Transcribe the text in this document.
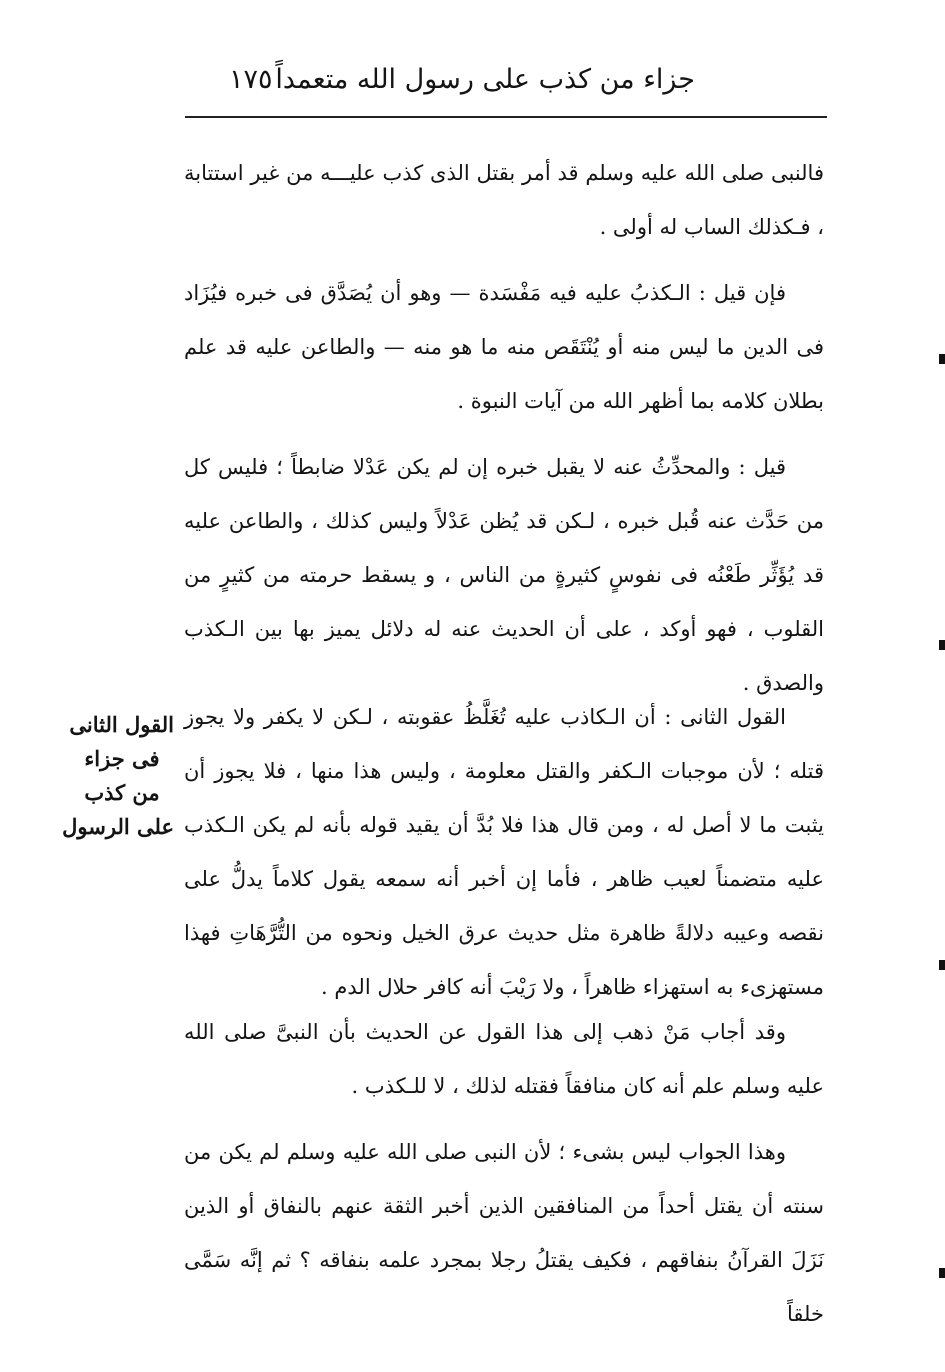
جزاء من كذب على رسول الله متعمداً
١٧٥

فالنبى صلى الله عليه وسلم قد أمر بقتل الذى كذب عليـــه من غير استتابة ، فـكذلك الساب له أولى .

فإن قيل : الـكذبُ عليه فيه مَفْسَدة — وهو أن يُصَدَّق فى خبره فيُزَاد فى الدين ما ليس منه أو يُنْتَقَص منه ما هو منه — والطاعن عليه قد علم بطلان كلامه بما أظهر الله من آيات النبوة .

قيل : والمحدِّثُ عنه لا يقبل خبره إن لم يكن عَدْلا ضابطاً ؛ فليس كل من حَدَّث عنه قُبل خبره ، لـكن قد يُظن عَدْلاً وليس كذلك ، والطاعن عليه قد يُؤَثِّر طَعْنُه فى نفوسٍ كثيرةٍ من الناس ، و يسقط حرمته من كثيرٍ من القلوب ، فهو أوكد ، على أن الحديث عنه له دلائل يميز بها بين الـكذب والصدق .

القول الثانى : أن الـكاذب عليه تُغَلَّظُ عقوبته ، لـكن لا يكفر ولا يجوز قتله ؛ لأن موجبات الـكفر والقتل معلومة ، وليس هذا منها ، فلا يجوز أن يثبت ما لا أصل له ، ومن قال هذا فلا بُدَّ أن يقيد قوله بأنه لم يكن الـكذب عليه متضمناً لعيب ظاهر ، فأما إن أخبر أنه سمعه يقول كلاماً يدلُّ على نقصه وعيبه دلالةً ظاهرة مثل حديث عرق الخيل ونحوه من التُّرَّهَاتِ فهذا مستهزىء به استهزاء ظاهراً ، ولا رَيْبَ أنه كافر حلال الدم .

وقد أجاب مَنْ ذهب إلى هذا القول عن الحديث بأن النبىَّ صلى الله عليه وسلم علم أنه كان منافقاً فقتله لذلك ، لا للـكذب .

وهذا الجواب ليس بشىء ؛ لأن النبى صلى الله عليه وسلم لم يكن من سنته أن يقتل أحداً من المنافقين الذين أخبر الثقة عنهم بالنفاق أو الذين نَزَلَ القرآنُ بنفاقهم ، فكيف يقتلُ رجلا بمجرد علمه بنفاقه ؟ ثم إنَّه سَمَّى خلقاً

القول الثانى
فى جزاء
من كذب
على الرسول
